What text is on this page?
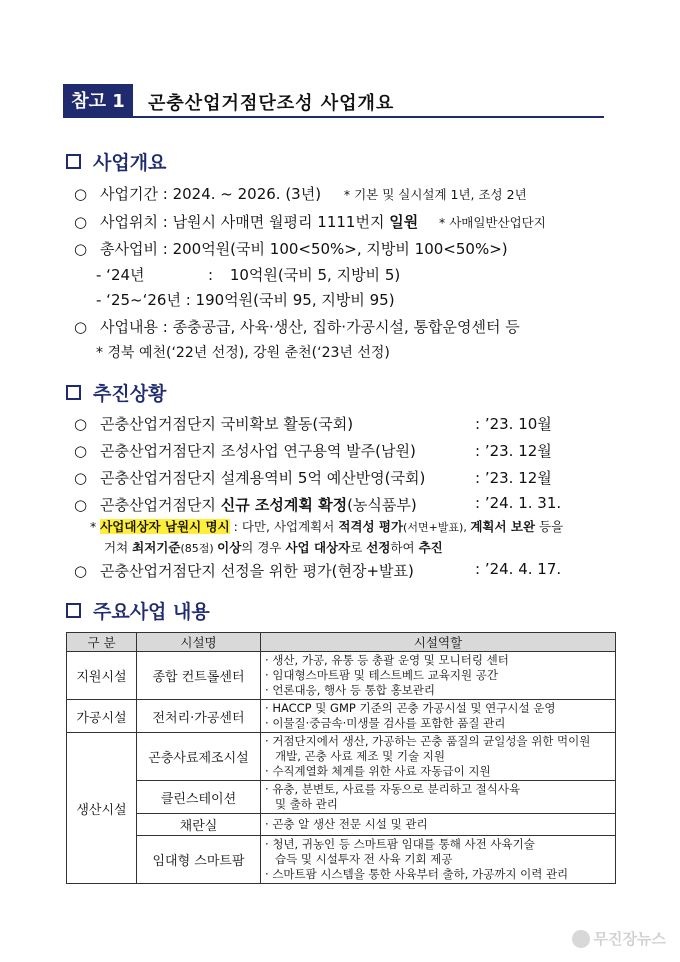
참고 1	곤충산업거점단조성 사업개요
사업개요
○ 사업기간 : 2024. ~ 2026. (3년) * 기본 및 실시설계 1년, 조성 2년
○ 사업위치 : 남원시 사매면 월평리 1111번지 일원 * 사매일반산업단지
○ 총사업비 : 200억원(국비 100<50%>, 지방비 100<50%>)
- ‘24년	: 10억원(국비 5, 지방비 5)
- ‘25~‘26년 : 190억원(국비 95, 지방비 95)
○ 사업내용 : 종충공급, 사육·생산, 집하·가공시설, 통합운영센터 등
* 경북 예천(‘22년 선정), 강원 춘천(‘23년 선정)
추진상황
○ 곤충산업거점단지 국비확보 활동(국회)	: ’23. 10월
○ 곤충산업거점단지 조성사업 연구용역 발주(남원)	: ’23. 12월
○ 곤충산업거점단지 설계용역비 5억 예산반영(국회)	: ’23. 12월
○ 곤충산업거점단지 신규 조성계획 확정(농식품부)	: ’24. 1. 31.
* 사업대상자 남원시 명시 : 다만, 사업계획서 적격성 평가(서면+발표), 계획서 보완 등을
거쳐 최저기준(85점) 이상의 경우 사업 대상자로 선정하여 추진
○ 곤충산업거점단지 선정을 위한 평가(현장+발표)	: ’24. 4. 17.
주요사업 내용
구 분	시설명	시설역할
지원시설	종합 컨트롤센터	‧ 생산, 가공, 유통 등 총괄 운영 및 모니터링 센터
‧ 임대형스마트팜 및 테스트베드 교육지원 공간
‧ 언론대응, 행사 등 통합 홍보관리

가공시설	전처리·가공센터	‧ HACCP 및 GMP 기준의 곤충 가공시설 및 연구시설 운영
‧ 이물질·중금속·미생물 검사를 포함한 품질 관리

생산시설	곤충사료제조시설	‧ 거점단지에서 생산, 가공하는 곤충 품질의 균일성을 위한 먹이원
개발, 곤충 사료 제조 및 기술 지원
‧ 수직계열화 체계를 위한 사료 자동급이 지원

	클린스테이션	‧ 유충, 분변토, 사료를 자동으로 분리하고 절식사육
및 출하 관리

	채란실	‧ 곤충 알 생산 전문 시설 및 관리

	임대형 스마트팜	‧ 청년, 귀농인 등 스마트팜 임대를 통해 사전 사육기술
습득 및 시설투자 전 사육 기회 제공
‧ 스마트팜 시스템을 통한 사육부터 출하, 가공까지 이력 관리
무진장뉴스
